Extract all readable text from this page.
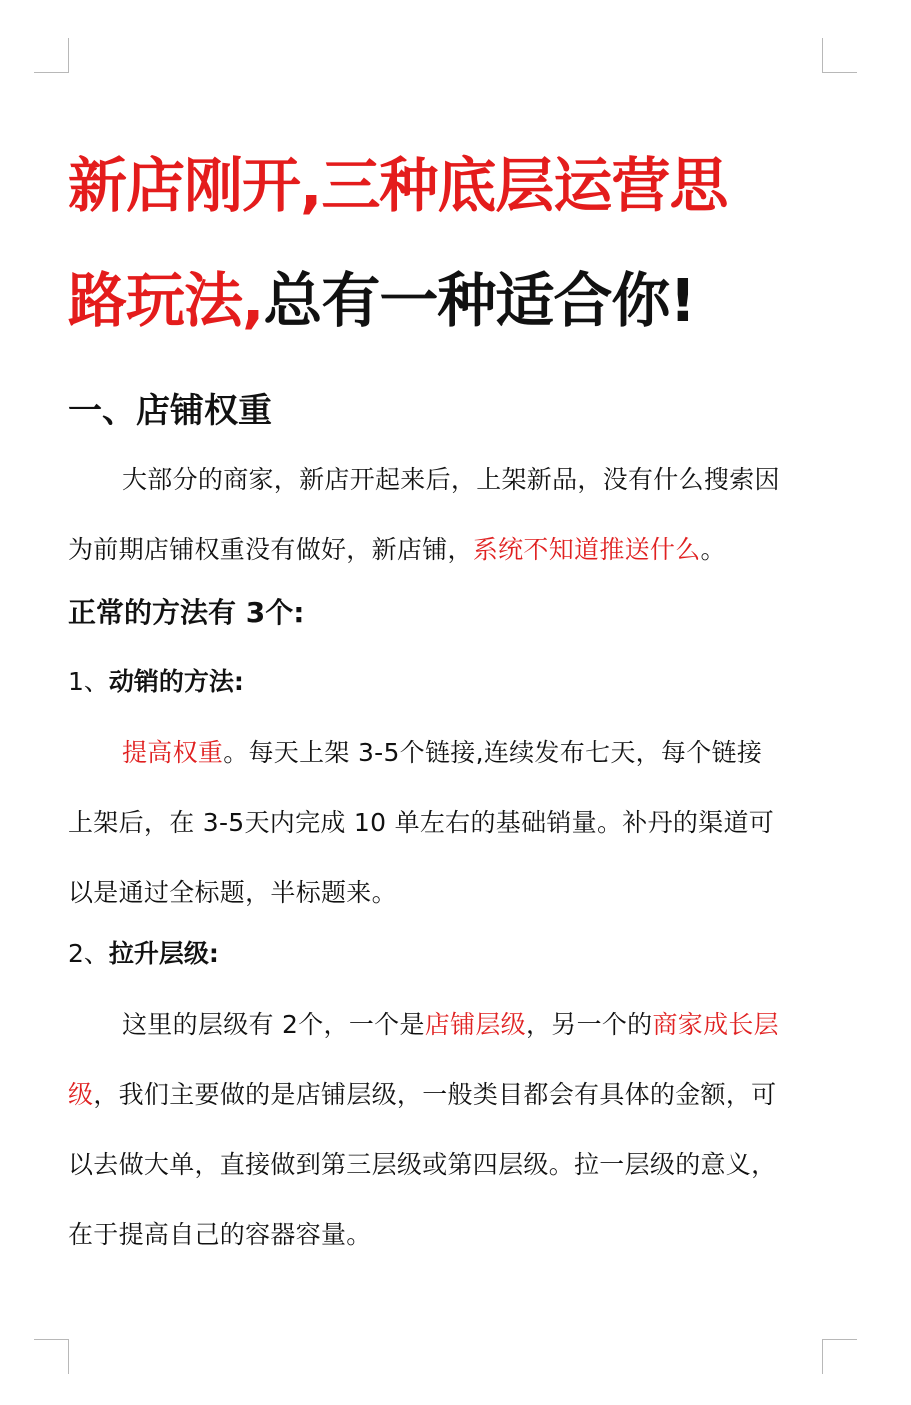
新店刚开,三种底层运营思
路玩法,总有一种适合你!
一、店铺权重
大部分的商家，新店开起来后，上架新品，没有什么搜索因
为前期店铺权重没有做好，新店铺，系统不知道推送什么。
正常的方法有 3个:
1、动销的方法:
提高权重。每天上架 3-5个链接,连续发布七天，每个链接
上架后，在 3-5天内完成 10 单左右的基础销量。补丹的渠道可
以是通过全标题，半标题来。
2、拉升层级:
这里的层级有 2个，一个是店铺层级，另一个的商家成长层
级，我们主要做的是店铺层级，一般类目都会有具体的金额，可
以去做大单，直接做到第三层级或第四层级。拉一层级的意义，
在于提高自己的容器容量。
